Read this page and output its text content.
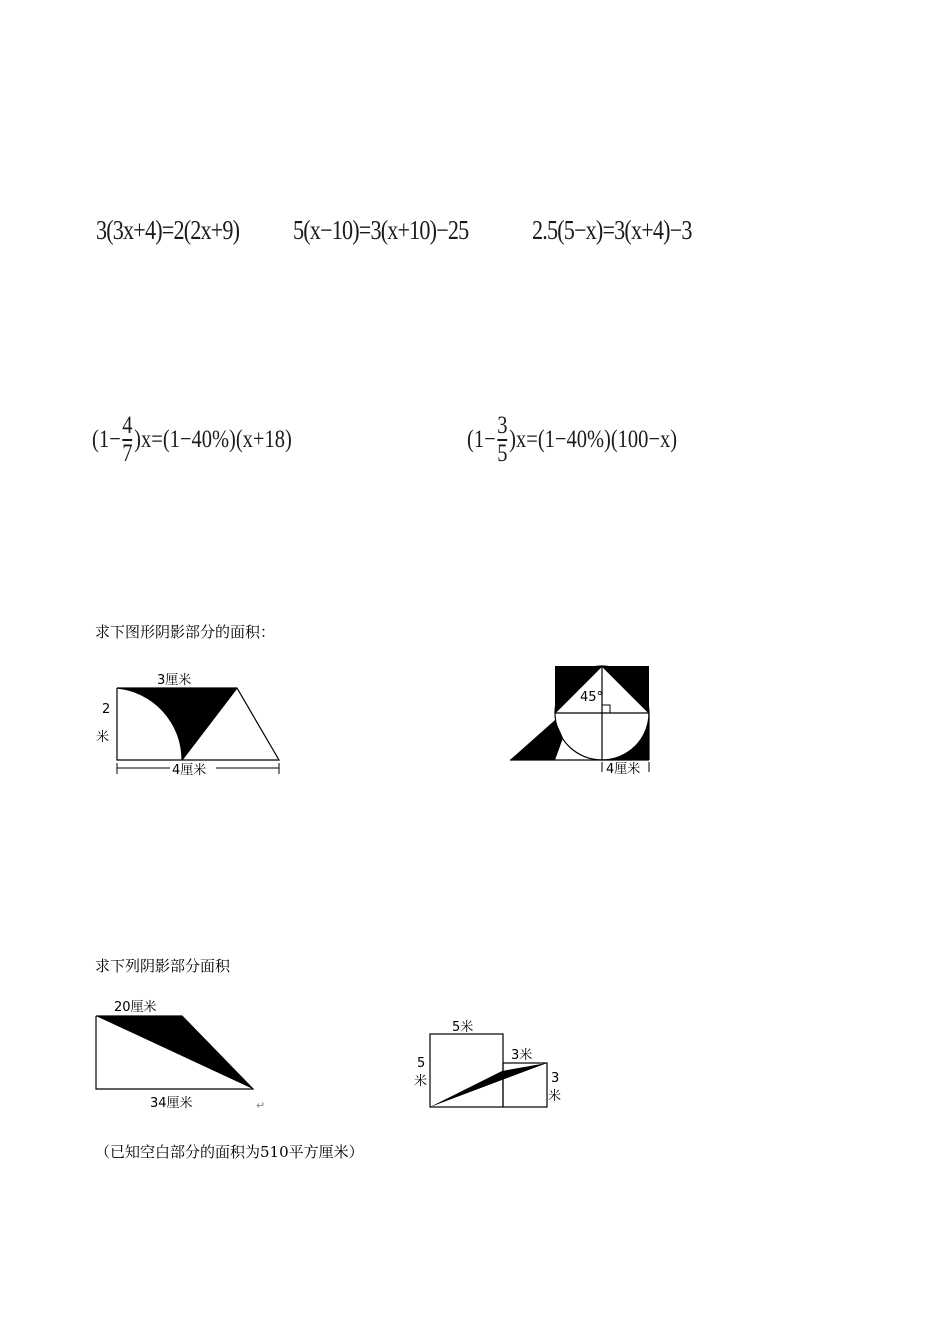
3(3x+4)=2(2x+9) 5(x−10)=3(x+10)−25 2.5(5−x)=3(x+4)−3
$(1- \frac{4}{7} )x=(1-40\%)(x+18)$	$(1- \frac{3}{5} )x=(1-40\%)(100-x)$
求下图形阴影部分的面积：
3厘米
2
米
4厘米
45°
4厘米
求下列阴影部分面积
20厘米
34厘米	↵
5米
5
米
3米
3
米
（已知空白部分的面积为510平方厘米）
